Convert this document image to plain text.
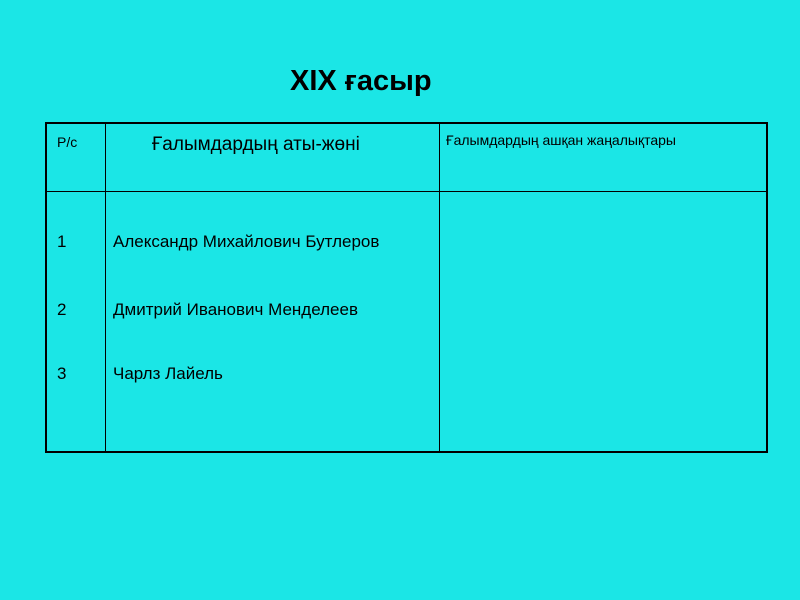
XIX ғасыр
Р/с	Ғалымдардың аты-жөні	Ғалымдардың ашқан жаңалықтары
1	Александр Михайлович Бутлеров
2	Дмитрий Иванович Менделеев
3	Чарлз Лайель
